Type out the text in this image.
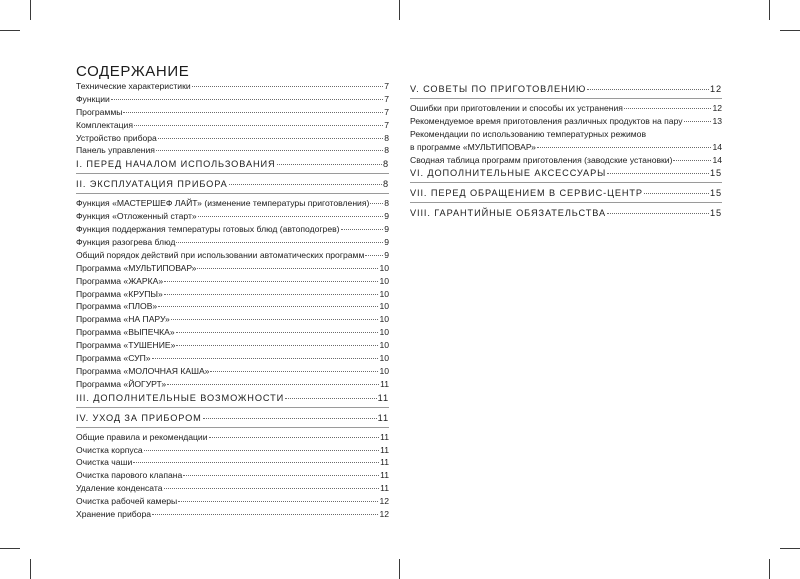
СОДЕРЖАНИЕ
Технические характеристики	7
Функции	7
Программы	7
Комплектация	7
Устройство прибора	8
Панель управления	8
I. ПЕРЕД НАЧАЛОМ ИСПОЛЬЗОВАНИЯ	8
II. ЭКСПЛУАТАЦИЯ ПРИБОРА	8
Функция «МАСТЕРШЕФ ЛАЙТ» (изменение температуры приготовления) 8
Функция «Отложенный старт»	9
Функция поддержания температуры готовых блюд (автоподогрев)	9
Функция разогрева блюд	9
Общий порядок действий при использовании автоматических программ 9
Программа «МУЛЬТИПОВАР»	10
Программа «ЖАРКА»	10
Программа «КРУПЫ»	10
Программа «ПЛОВ»	10
Программа «НА ПАРУ»	10
Программа «ВЫПЕЧКА»	10
Программа «ТУШЕНИЕ»	10
Программа «СУП»	10
Программа «МОЛОЧНАЯ КАША»	10
Программа «ЙОГУРТ»	11
III. ДОПОЛНИТЕЛЬНЫЕ ВОЗМОЖНОСТИ	11
IV. УХОД ЗА ПРИБОРОМ	11
Общие правила и рекомендации	11
Очистка корпуса	11
Очистка чаши	11
Очистка парового клапана	11
Удаление конденсата	11
Очистка рабочей камеры	12
Хранение прибора	12
V. СОВЕТЫ ПО ПРИГОТОВЛЕНИЮ	12
Ошибки при приготовлении и способы их устранения	12
Рекомендуемое время приготовления различных продуктов на пару	13
Рекомендации по использованию температурных режимов
в программе «МУЛЬТИПОВАР»	14
Сводная таблица программ приготовления (заводские установки)	14
VI. ДОПОЛНИТЕЛЬНЫЕ АКСЕССУАРЫ	15
VII. ПЕРЕД ОБРАЩЕНИЕМ В СЕРВИС-ЦЕНТР	15
VIII. ГАРАНТИЙНЫЕ ОБЯЗАТЕЛЬСТВА	15
